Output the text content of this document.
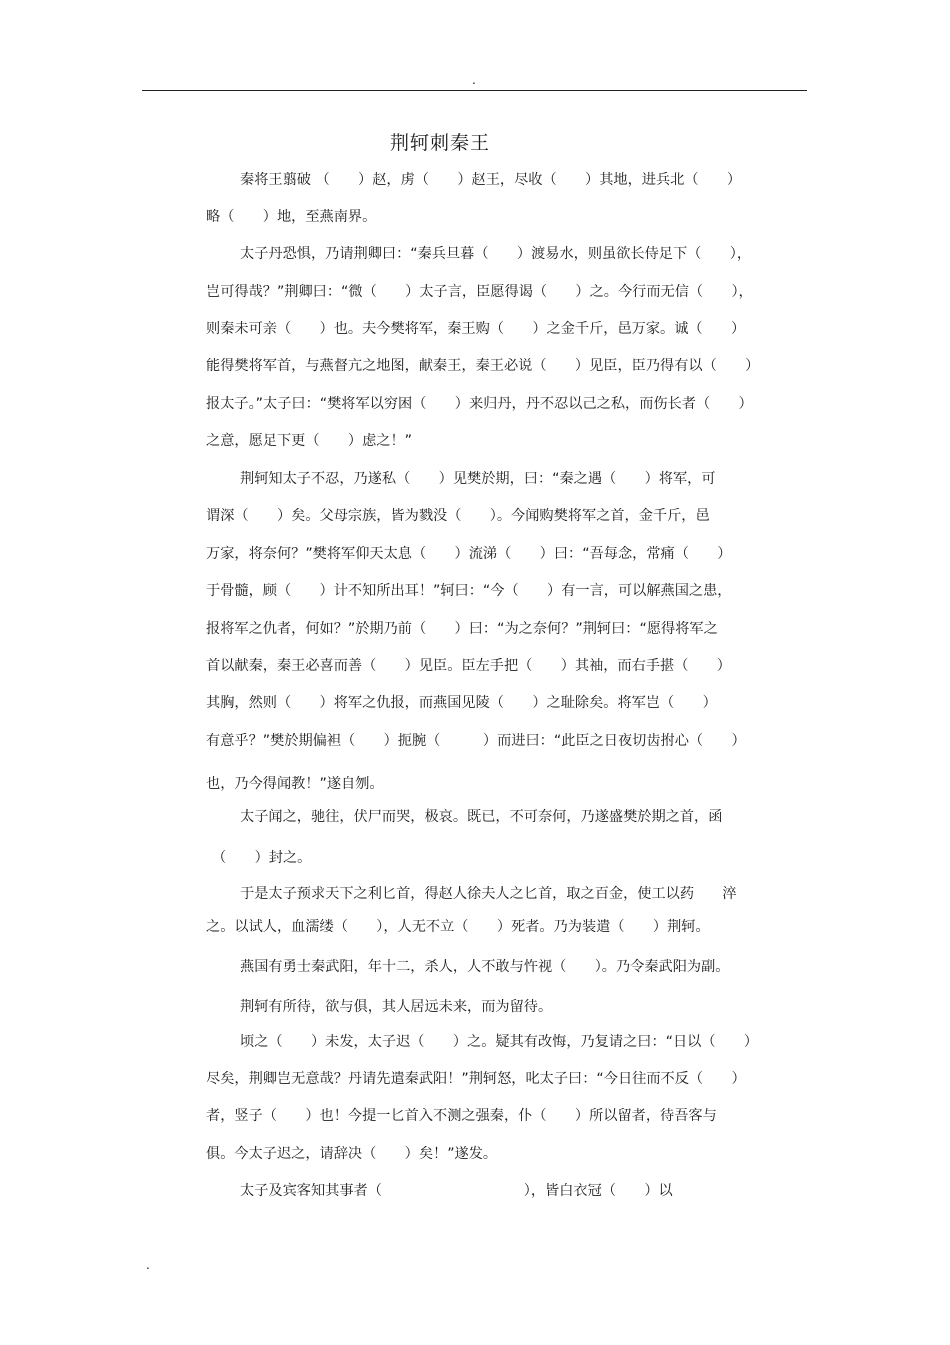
.
荆轲刺秦王
秦将王翦破 （　　）赵，虏（　　）赵王，尽收（　　）其地，进兵北（　　）
略（　　）地，至燕南界。
太子丹恐惧，乃请荆卿曰：“秦兵旦暮（　　）渡易水，则虽欲长侍足下（　　），
岂可得哉？”荆卿曰：“微（　　）太子言，臣愿得谒（　　）之。今行而无信（　　），
则秦未可亲（　　）也。夫今樊将军，秦王购（　　）之金千斤，邑万家。诚（　　）
能得樊将军首，与燕督亢之地图，献秦王，秦王必说（　　）见臣，臣乃得有以（　　）
报太子。”太子曰：“樊将军以穷困（　　）来归丹，丹不忍以己之私，而伤长者（　　）
之意，愿足下更（　　）虑之！”
荆轲知太子不忍，乃遂私（　　）见樊於期，曰：“秦之遇（　　）将军，可
谓深（　　）矣。父母宗族，皆为戮没（　　）。今闻购樊将军之首，金千斤，邑
万家，将奈何？”樊将军仰天太息（　　）流涕（　　）曰：“吾每念，常痛（　　）
于骨髓，顾（　　）计不知所出耳！”轲曰：“今（　　）有一言，可以解燕国之患，
报将军之仇者，何如？”於期乃前（　　）曰：“为之奈何？”荆轲曰：“愿得将军之
首以献秦，秦王必喜而善（　　）见臣。臣左手把（　　）其袖，而右手揕（　　）
其胸，然则（　　）将军之仇报，而燕国见陵（　　）之耻除矣。将军岂（　　）
有意乎？”樊於期偏袒（　　）扼腕（　　　）而进曰：“此臣之日夜切齿拊心（　　）
也，乃今得闻教！”遂自刎。
太子闻之，驰往，伏尸而哭，极哀。既已，不可奈何，乃遂盛樊於期之首，函
（　　）封之。
于是太子预求天下之利匕首，得赵人徐夫人之匕首，取之百金，使工以药　　淬
之。以试人，血濡缕（　　），人无不立（　　）死者。乃为装遣（　　）荆轲。
燕国有勇士秦武阳，年十二，杀人，人不敢与忤视（　　）。乃令秦武阳为副。
荆轲有所待，欲与俱，其人居远未来，而为留待。
顷之（　　）未发，太子迟（　　）之。疑其有改悔，乃复请之曰：“日以（　　）
尽矣，荆卿岂无意哉？丹请先遣秦武阳！”荆轲怒，叱太子曰：“今日往而不反（　　）
者，竖子（　　）也！今提一匕首入不测之强秦，仆（　　）所以留者，待吾客与
俱。今太子迟之，请辞决（　　）矣！”遂发。
太子及宾客知其事者（　　　　　　　　　　），皆白衣冠（　　）以
.
